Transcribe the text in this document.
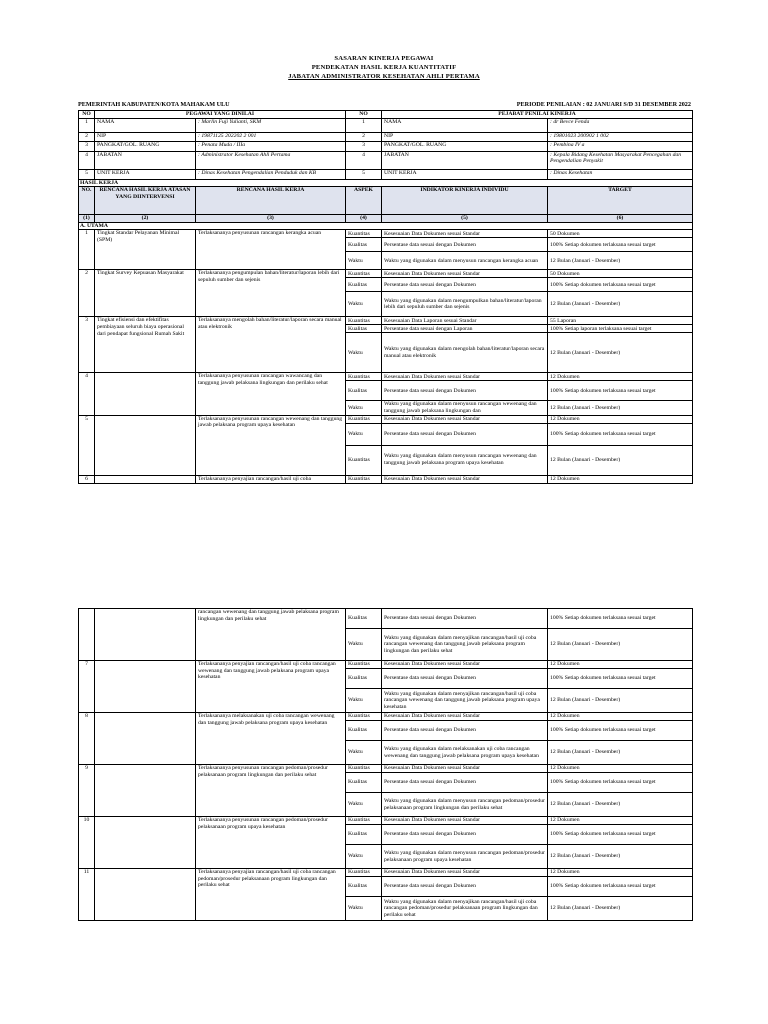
SASARAN KINERJA PEGAWAI
PENDEKATAN HASIL KERJA KUANTITATIF
JABATAN ADMINISTRATOR KESEHATAN AHLI PERTAMA
PEMERINTAH KABUPATEN/KOTA MAHAKAM ULU	PERIODE PENILAIAN : 02 JANUARI S/D 31 DESEMBER 2022
NO	PEGAWAI YANG DINILAI		NO	PEJABAT PENILAI KINERJA	
1	NAMA	: Marlin Fuji Yulianti, SKM	1	NAMA	: dr Bevce Fenda
2	NIP	: 19871125 202202 2 001	2	NIP	: 19801023 200902 1 002
3	PANGKAT/GOL. RUANG	: Penata Muda / IIIa	3	PANGKAT/GOL. RUANG	: Pembina IV a
4	JABATAN	: Administrator Kesehatan Ahli Pertama	4	JABATAN	: Kepala Bidang Kesehatan Masyarakat Pencegahan dan Pengendalian Penyakit
5	UNIT KERJA	: Dinas Kesehatan Pengendalian Penduduk dan KB	5	UNIT KERJA	: Dinas Kesehatan
HASIL KERJA					
NO.	RENCANA HASIL KERJA ATASAN YANG DIINTERVENSI	RENCANA HASIL KERJA	ASPEK	INDIKATOR KINERJA INDIVIDU	TARGET
(1)	(2)	(3)	(4)	(5)	(6)
A. UTAMA					
1	Tingkat Standar Pelayanan Minimal (SPM)	Terlaksananya penyusunan rancangan kerangka acuan	Kuantitas	Kesesuaian Data Dokumen sesuai Standar	50 Dokumen
			Kualitas	Persentase data sesuai dengan Dokumen	100% Setiap dokumen terlaksana sesuai target
			Waktu	Waktu yang digunakan dalam menyusun rancangan kerangka acuan	12 Bulan (Januari - Desember)
2	Tingkat Survey Kepuasan Masyarakat	Terlaksananya pengumpulan bahan/literatur/laporan lebih dari sepuluh sumber dan sejenis	Kuantitas	Kesesuaian Data Dokumen sesuai Standar	50 Dokumen
			Kualitas	Persentase data sesuai dengan Dokumen	100% Setiap dokumen terlaksana sesuai target
			Waktu	Waktu yang digunakan dalam mengumpulkan bahan/literatur/laporan lebih dari sepuluh sumber dan sejenis	12 Bulan (Januari - Desember)
3	Tingkat efisiensi dan efektifitas pembiayaan seluruh biaya operasional dari pendapat fungsional Rumah Sakit	Terlaksananya mengolah bahan/literatur/laporan secara manual atau elektronik	Kuantitas	Kesesuaian Data Laporan sesuai Standar	55 Laporan
			Kualitas	Persentase data sesuai dengan Laporan	100% Setiap laporan terlaksana sesuai target
			Waktu	Waktu yang digunakan dalam mengolah bahan/literatur/laporan secara manual atau elektronik	12 Bulan (Januari - Desember)
4		Terlaksananya penyusunan rancangan wawancang dan tanggung jawab pelaksana lingkungan dan perilaku sehat	Kuantitas	Kesesuaian Data Dokumen sesuai Standar	12 Dokumen
			Kualitas	Persentase data sesuai dengan Dokumen	100% Setiap dokumen terlaksana sesuai target
			Waktu	Waktu yang digunakan dalam menyusun rancangan wewenang dan tanggung jawab pelaksana lingkungan dan	12 Bulan (Januari - Desember)
5		Terlaksananya penyusunan rancangan wewenang dan tanggung jawab pelaksana program upaya kesehatan	Kuantitas	Kesesuaian Data Dokumen sesuai Standar	12 Dokumen
			Waktu	Persentase data sesuai dengan Dokumen	100% Setiap dokumen terlaksana sesuai target
			Kuantitas	Waktu yang digunakan dalam menyusun rancangan wewenang dan tanggung jawab pelaksana program upaya kesehatan	12 Bulan (Januari - Desember)
6		Terlaksananya penyajian rancangan/hasil uji coba	Kuantitas	Kesesuaian Data Dokumen sesuai Standar	12 Dokumen
		rancangan wewenang dan tanggung jawab pelaksana program lingkungan dan perilaku sehat	Kualitas	Persentase data sesuai dengan Dokumen	100% Setiap dokumen terlaksana sesuai target
			Waktu	Waktu yang digunakan dalam menyajikan rancangan/hasil uji coba rancangan wewenang dan tanggung jawab pelaksana program lingkungan dan perilaku sehat	12 Bulan (Januari - Desember)
7		Terlaksananya penyajian rancangan/hasil uji coba rancangan wewenang dan tanggung jawab pelaksana program upaya kesehatan	Kuantitas	Kesesuaian Data Dokumen sesuai Standar	12 Dokumen
			Kualitas	Persentase data sesuai dengan Dokumen	100% Setiap dokumen terlaksana sesuai target
			Waktu	Waktu yang digunakan dalam menyajikan rancangan/hasil uji coba rancangan wewenang dan tanggung jawab pelaksana program upaya kesehatan	12 Bulan (Januari - Desember)
8		Terlaksananya melaksanakan uji coba rancangan wewenang dan tanggung jawab pelaksana program upaya kesehatan	Kuantitas	Kesesuaian Data Dokumen sesuai Standar	12 Dokumen
			Kualitas	Persentase data sesuai dengan Dokumen	100% Setiap dokumen terlaksana sesuai target
			Waktu	Waktu yang digunakan dalam melaksanakan uji coba rancangan wewenang dan tanggung jawab pelaksana program upaya kesehatan	12 Bulan (Januari - Desember)
9		Terlaksananya penyusunan rancangan pedoman/prosedur pelaksanaan program lingkungan dan perilaku sehat	Kuantitas	Kesesuaian Data Dokumen sesuai Standar	12 Dokumen
			Kualitas	Persentase data sesuai dengan Dokumen	100% Setiap dokumen terlaksana sesuai target
			Waktu	Waktu yang digunakan dalam menyusun rancangan pedoman/prosedur pelaksanaan program lingkungan dan perilaku sehat	12 Bulan (Januari - Desember)
10		Terlaksananya penyusunan rancangan pedoman/prosedur pelaksanaan program upaya kesehatan	Kuantitas	Kesesuaian Data Dokumen sesuai Standar	12 Dokumen
			Kualitas	Persentase data sesuai dengan Dokumen	100% Setiap dokumen terlaksana sesuai target
			Waktu	Waktu yang digunakan dalam menyusun rancangan pedoman/prosedur pelaksanaan program upaya kesehatan	12 Bulan (Januari - Desember)
11		Terlaksananya penyajian rancangan/hasil uji coba rancangan pedoman/prosedur pelaksanaan program lingkungan dan perilaku sehat	Kuantitas	Kesesuaian Data Dokumen sesuai Standar	12 Dokumen
			Kualitas	Persentase data sesuai dengan Dokumen	100% Setiap dokumen terlaksana sesuai target
			Waktu	Waktu yang digunakan dalam menyajikan rancangan/hasil uji coba rancangan pedoman/prosedur pelaksanaan program lingkungan dan perilaku sehat	12 Bulan (Januari - Desember)
